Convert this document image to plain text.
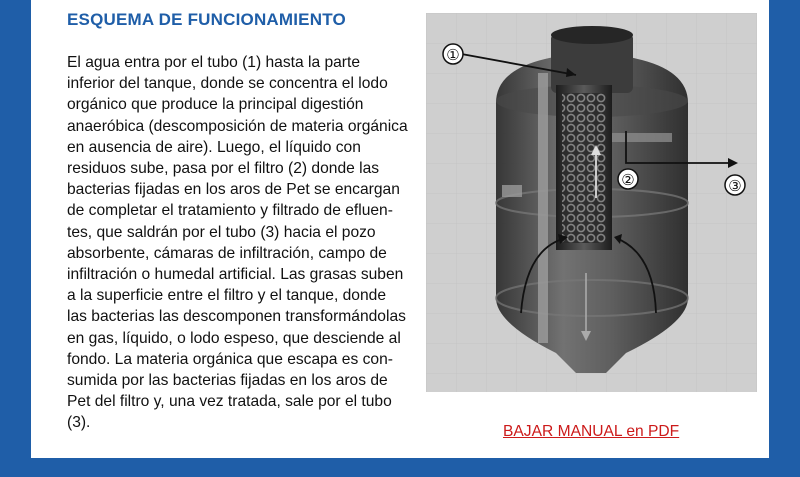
ESQUEMA DE FUNCIONAMIENTO
El agua entra por el tubo (1) hasta la parte
inferior del tanque, donde se concentra el lodo
orgánico que produce la principal digestión
anaeróbica (descomposición de materia orgánica
en ausencia de aire). Luego, el líquido con
residuos sube, pasa por el filtro (2) donde las
bacterias fijadas en los aros de Pet se encargan
de completar el tratamiento y filtrado de efluen-
tes, que saldrán por el tubo (3) hacia el pozo
absorbente, cámaras de infiltración, campo de
infiltración o humedal artificial. Las grasas suben
a la superficie entre el filtro y el tanque, donde
las bacterias las descomponen transformándolas
en gas, líquido, o lodo espeso, que desciende al
fondo. La materia orgánica que escapa es con-
sumida por las bacterias fijadas en los aros de
Pet del filtro y, una vez tratada, sale por el tubo
(3).
①
②	③
BAJAR MANUAL en PDF
